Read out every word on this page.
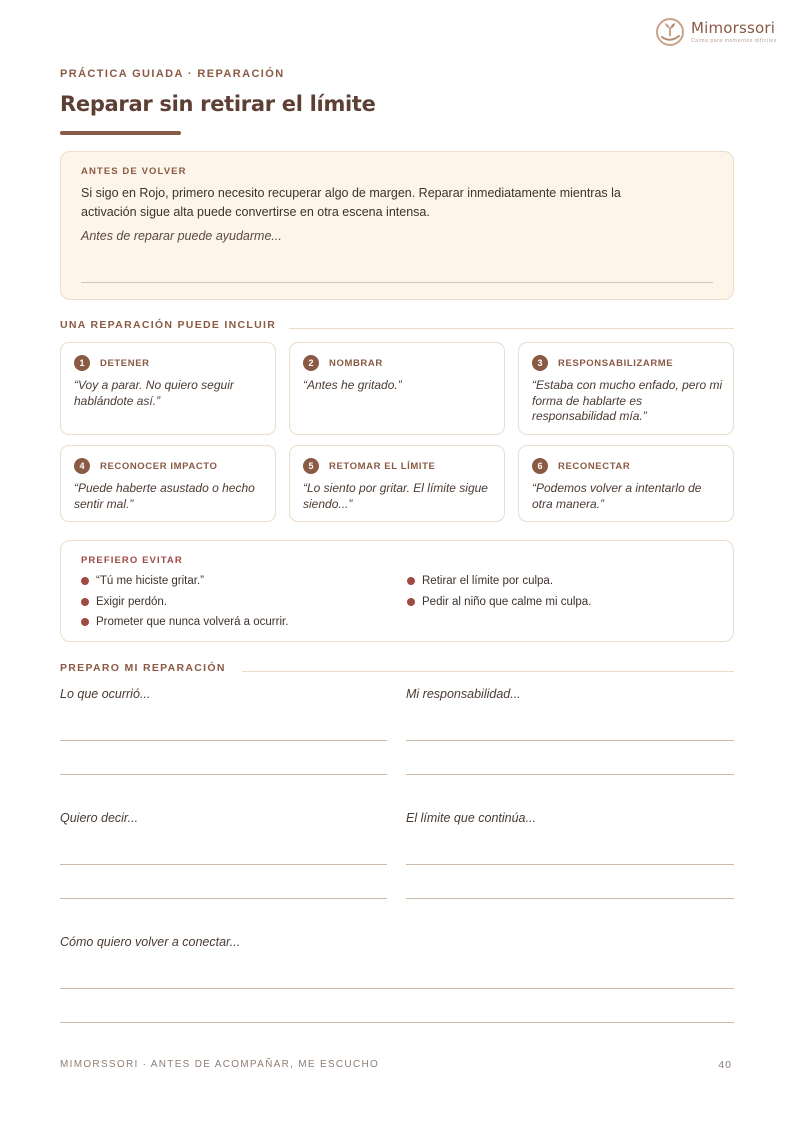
Mimorssori
Calma para momentos difíciles
PRÁCTICA GUIADA · REPARACIÓN
Reparar sin retirar el límite
ANTES DE VOLVER
Si sigo en Rojo, primero necesito recuperar algo de margen. Reparar inmediatamente mientras la activación sigue alta puede convertirse en otra escena intensa.
Antes de reparar puede ayudarme...
UNA REPARACIÓN PUEDE INCLUIR
1	DETENER
“Voy a parar. No quiero seguir hablándote así.”
2	NOMBRAR
“Antes he gritado.”
3	RESPONSABILIZARME
“Estaba con mucho enfado, pero mi forma de hablarte es responsabilidad mía.”
4	RECONOCER IMPACTO
“Puede haberte asustado o hecho sentir mal.”
5	RETOMAR EL LÍMITE
“Lo siento por gritar. El límite sigue siendo...”
6	RECONECTAR
“Podemos volver a intentarlo de otra manera.”
PREFIERO EVITAR
“Tú me hiciste gritar.”
Exigir perdón.
Prometer que nunca volverá a ocurrir.
Retirar el límite por culpa.
Pedir al niño que calme mi culpa.
PREPARO MI REPARACIÓN
Lo que ocurrió...	Mi responsabilidad...
Quiero decir...	El límite que continúa...
Cómo quiero volver a conectar...
MIMORSSORI · ANTES DE ACOMPAÑAR, ME ESCUCHO	40
